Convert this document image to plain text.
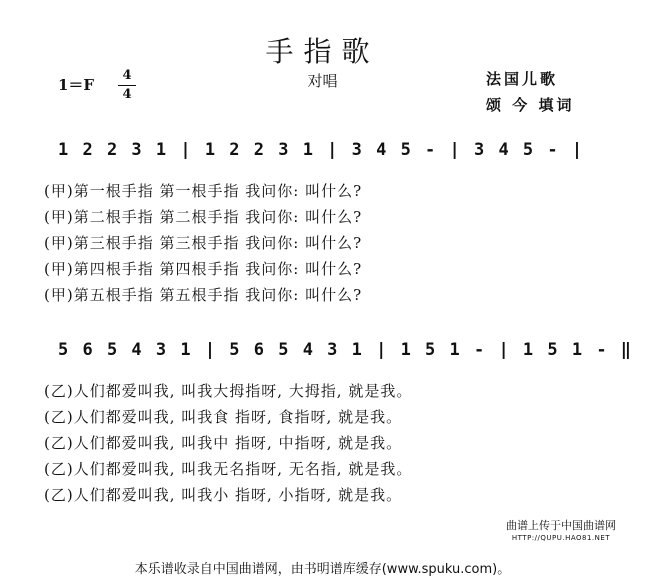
手指歌
对唱
1＝F
4
4
法国儿歌
颂 今 填词
1 2 2 3 1 | 1 2 2 3 1 | 3 4 5 - | 3 4 5 - |
(甲)第一根手指 第一根手指 我问你: 叫什么?
(甲)第二根手指 第二根手指 我问你: 叫什么?
(甲)第三根手指 第三根手指 我问你: 叫什么?
(甲)第四根手指 第四根手指 我问你: 叫什么?
(甲)第五根手指 第五根手指 我问你: 叫什么?
5 6 5 4 3 1 | 5 6 5 4 3 1 | 1 5 1 - | 1 5 1 - ‖
(乙)人们都爱叫我, 叫我大拇指呀, 大拇指, 就是我。
(乙)人们都爱叫我, 叫我食 指呀, 食指呀, 就是我。
(乙)人们都爱叫我, 叫我中 指呀, 中指呀, 就是我。
(乙)人们都爱叫我, 叫我无名指呀, 无名指, 就是我。
(乙)人们都爱叫我, 叫我小 指呀, 小指呀, 就是我。
曲谱上传于中国曲谱网
HTTP://QUPU.HAO81.NET
本乐谱收录自中国曲谱网，由书明谱库缓存(www.spuku.com)。
